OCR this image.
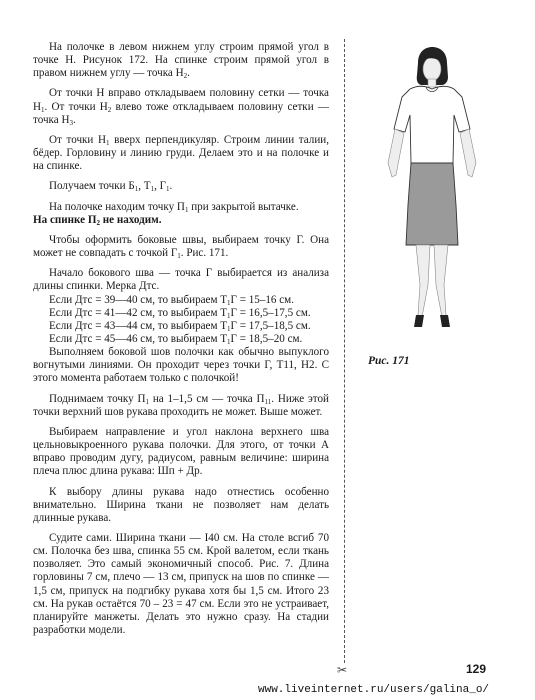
На полочке в левом нижнем углу строим прямой угол в точке Н. Рисунок 172. На спинке строим прямой угол в правом нижнем углу — точка $Н_2$.

От точки Н вправо откладываем половину сетки — точка $Н_1$. От точки $Н_2$ влево тоже откладываем половину сетки — точка $Н_3$.

От точки $Н_1$ вверх перпендикуляр. Строим линии талии, бёдер. Горловину и линию груди. Делаем это и на полочке и на спинке.

Получаем точки $Б_1$, $Т_1$, $Г_1$.

На полочке находим точку $П_1$ при закрытой вытачке.

На спинке $П_2$ не находим.

Чтобы оформить боковые швы, выбираем точку Г. Она может не совпадать с точкой $Г_1$. Рис. 171.

Начало бокового шва — точка Г выбирается из анализа длины спинки. Мерка Дтс.

Если Дтс = 39—40 см, то выбираем $Т_1Г = 15-16$ см.

Если Дтс = 41—42 см, то выбираем $Т_1Г = 16,5-17,5$ см.

Если Дтс = 43—44 см, то выбираем $Т_1Г = 17,5-18,5$ см.

Если Дтс = 45—46 см, то выбираем $Т_1Г = 18,5-20$ см.

Выполняем боковой шов полочки как обычно выпуклого вогнутыми линиями. Он проходит через точки Г, Т11, Н2. С этого момента работаем только с полочкой!

Поднимаем точку $П_1$ на 1–1,5 см — точка $П_{11}$. Ниже этой точки верхний шов рукава проходить не может. Выше может.

Выбираем направление и угол наклона верхнего шва цельновыкроенного рукава полочки. Для этого, от точки А вправо проводим дугу, радиусом, равным величине: ширина плеча плюс длина рукава: Шп + Др.

К выбору длины рукава надо отнестись особенно внимательно. Ширина ткани не позволяет нам делать длинные рукава.

Судите сами. Ширина ткани — I40 см. На столе всгиб 70 см. Полочка без шва, спинка 55 см. Крой валетом, если ткань позволяет. Это самый экономичный способ. Рис. 7. Длина горловины 7 см, плечо — 13 см, припуск на шов по спинке — 1,5 см, припуск на подгибку рукава хотя бы 1,5 см. Итого 23 см. На рукав остаётся 70 – 23 = 47 см. Если это не устраивает, планируйте манжеты. Делать это нужно сразу. На стадии разработки модели.

✂
Рис. 171
129
www.liveinternet.ru/users/galina_o/
